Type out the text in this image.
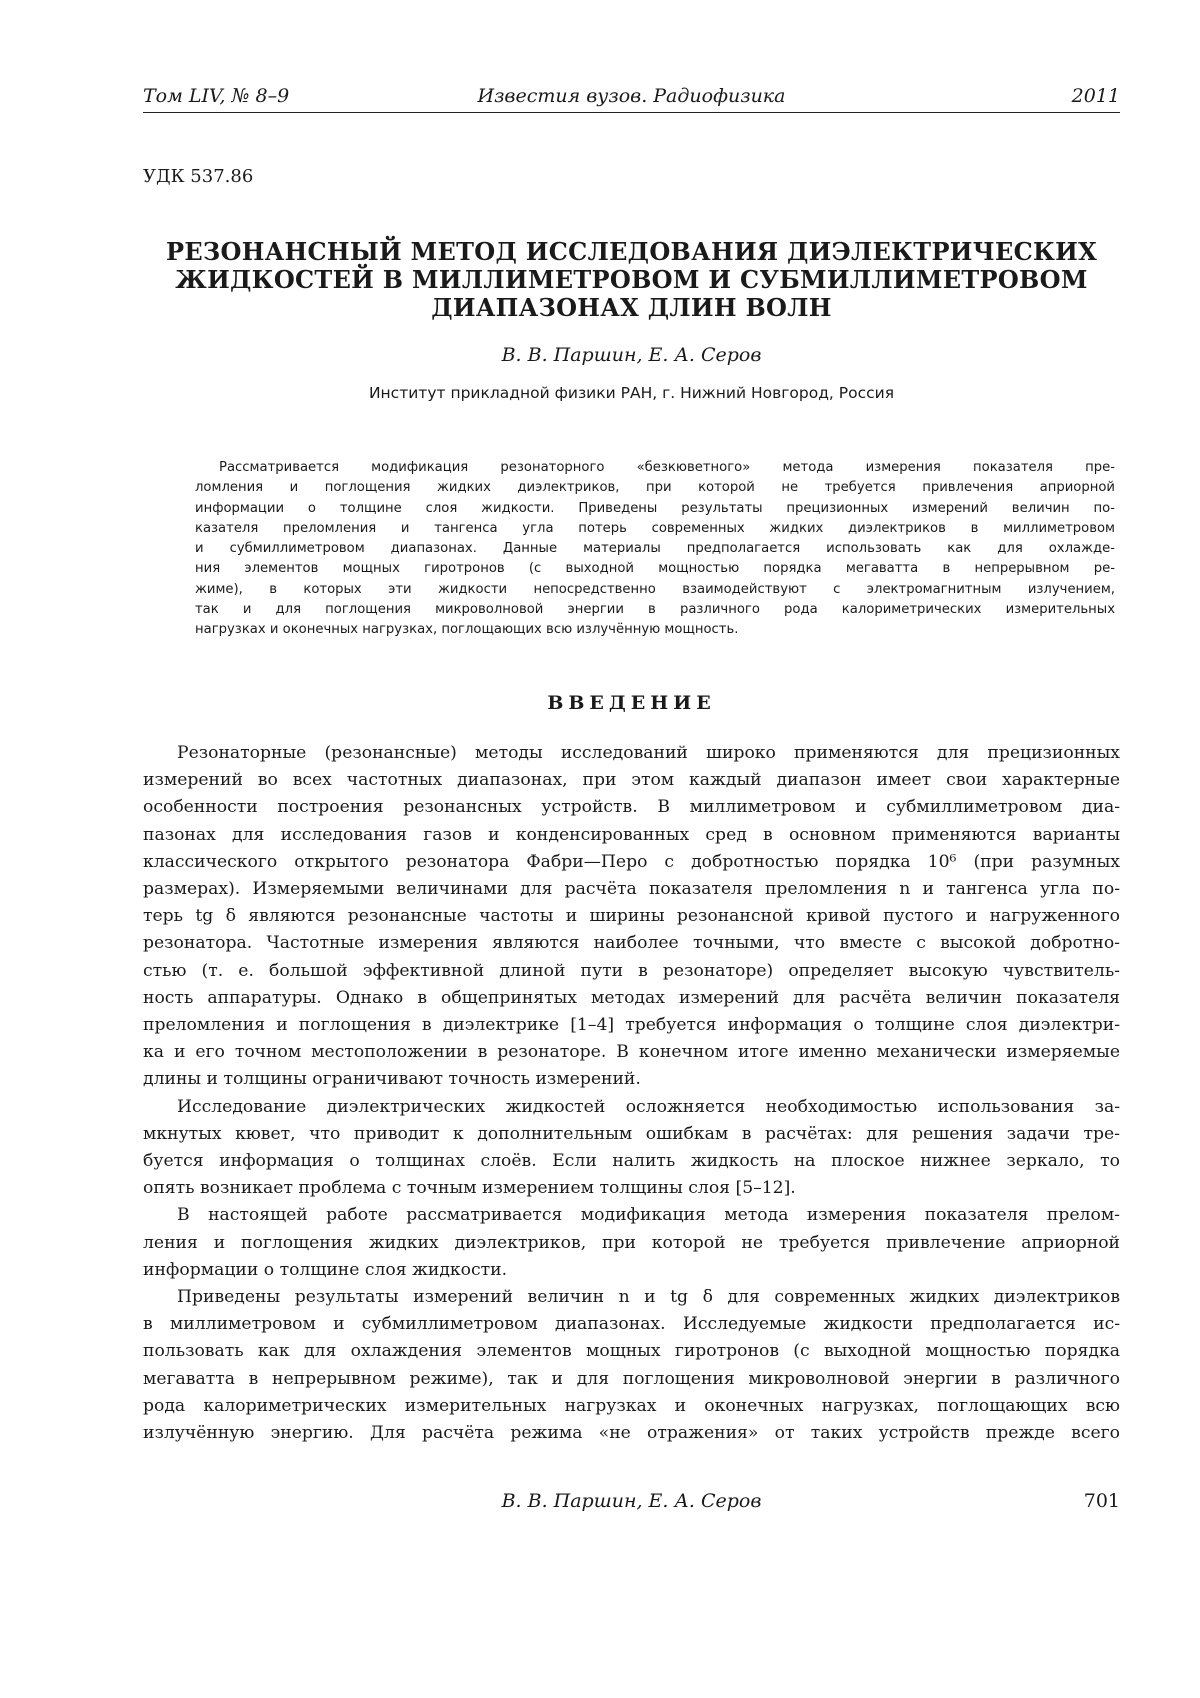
Том LIV, № 8–9	Известия вузов. Радиофизика	2011
УДК 537.86
РЕЗОНАНСНЫЙ МЕТОД ИССЛЕДОВАНИЯ ДИЭЛЕКТРИЧЕСКИХ
ЖИДКОСТЕЙ В МИЛЛИМЕТРОВОМ И СУБМИЛЛИМЕТРОВОМ
ДИАПАЗОНАХ ДЛИН ВОЛН
В. В. Паршин, Е. А. Серов
Институт прикладной физики РАН, г. Нижний Новгород, Россия
Рассматривается модификация резонаторного «безкюветного» метода измерения показателя пре-
ломления и поглощения жидких диэлектриков, при которой не требуется привлечения априорной
информации о толщине слоя жидкости. Приведены результаты прецизионных измерений величин по-
казателя преломления и тангенса угла потерь современных жидких диэлектриков в миллиметровом
и субмиллиметровом диапазонах. Данные материалы предполагается использовать как для охлажде-
ния элементов мощных гиротронов (с выходной мощностью порядка мегаватта в непрерывном ре-
жиме), в которых эти жидкости непосредственно взаимодействуют с электромагнитным излучением,
так и для поглощения микроволновой энергии в различного рода калориметрических измерительных
нагрузках и оконечных нагрузках, поглощающих всю излучённую мощность.
ВВЕДЕНИЕ

Резонаторные (резонансные) методы исследований широко применяются для прецизионных
измерений во всех частотных диапазонах, при этом каждый диапазон имеет свои характерные
особенности построения резонансных устройств. В миллиметровом и субмиллиметровом диа-
пазонах для исследования газов и конденсированных сред в основном применяются варианты
классического открытого резонатора Фабри—Перо с добротностью порядка 10⁶ (при разумных
размерах). Измеряемыми величинами для расчёта показателя преломления n и тангенса угла по-
терь tg δ являются резонансные частоты и ширины резонансной кривой пустого и нагруженного
резонатора. Частотные измерения являются наиболее точными, что вместе с высокой добротно-
стью (т. е. большой эффективной длиной пути в резонаторе) определяет высокую чувствитель-
ность аппаратуры. Однако в общепринятых методах измерений для расчёта величин показателя
преломления и поглощения в диэлектрике [1–4] требуется информация о толщине слоя диэлектри-
ка и его точном местоположении в резонаторе. В конечном итоге именно механически измеряемые
длины и толщины ограничивают точность измерений.

Исследование диэлектрических жидкостей осложняется необходимостью использования за-
мкнутых кювет, что приводит к дополнительным ошибкам в расчётах: для решения задачи тре-
буется информация о толщинах слоёв. Если налить жидкость на плоское нижнее зеркало, то
опять возникает проблема с точным измерением толщины слоя [5–12].

В настоящей работе рассматривается модификация метода измерения показателя прелом-
ления и поглощения жидких диэлектриков, при которой не требуется привлечение априорной
информации о толщине слоя жидкости.

Приведены результаты измерений величин n и tg δ для современных жидких диэлектриков
в миллиметровом и субмиллиметровом диапазонах. Исследуемые жидкости предполагается ис-
пользовать как для охлаждения элементов мощных гиротронов (с выходной мощностью порядка
мегаватта в непрерывном режиме), так и для поглощения микроволновой энергии в различного
рода калориметрических измерительных нагрузках и оконечных нагрузках, поглощающих всю
излучённую энергию. Для расчёта режима «не отражения» от таких устройств прежде всего

В. В. Паршин, Е. А. Серов	701
